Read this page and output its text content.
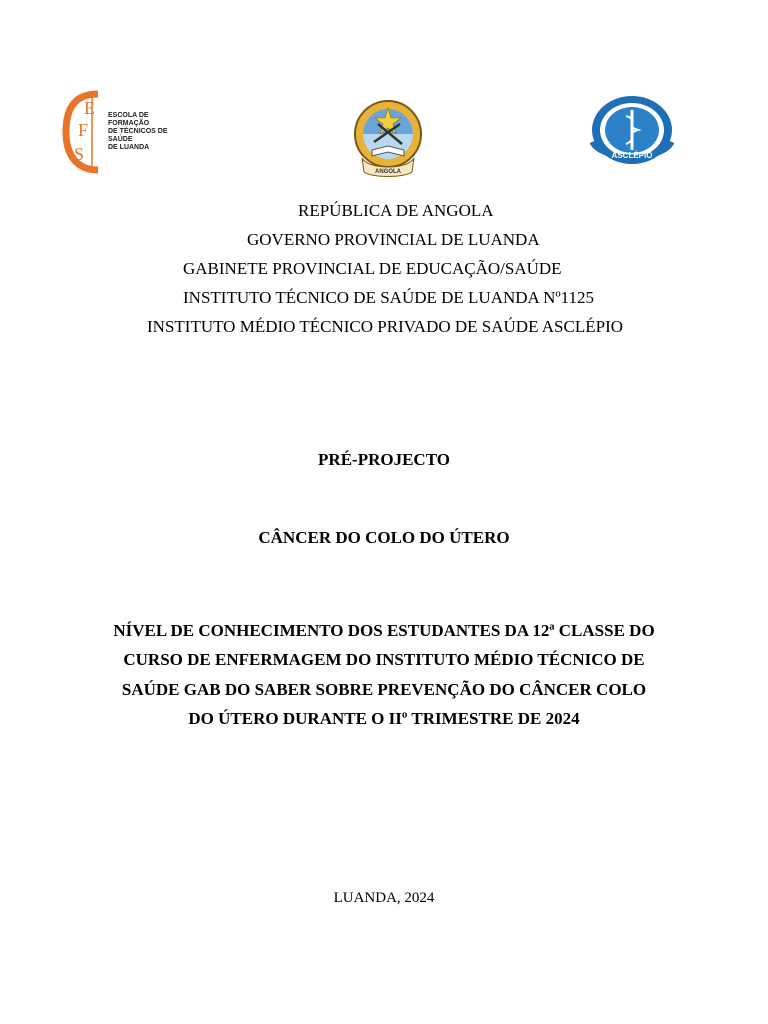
E
F
S
ESCOLA DE FORMAÇÃO
DE TÉCNICOS DE SAÚDE
DE LUANDA
ANGOLA
ASCLÉPIO
REPÚBLICA DE ANGOLA
GOVERNO PROVINCIAL DE LUANDA
GABINETE PROVINCIAL DE EDUCAÇÃO/SAÚDE
INSTITUTO TÉCNICO DE SAÚDE DE LUANDA Nº1125
INSTITUTO MÉDIO TÉCNICO PRIVADO DE SAÚDE ASCLÉPIO
PRÉ-PROJECTO
CÂNCER DO COLO DO ÚTERO
NÍVEL DE CONHECIMENTO DOS ESTUDANTES DA 12ª CLASSE DO
CURSO DE ENFERMAGEM DO INSTITUTO MÉDIO TÉCNICO DE
SAÚDE GAB DO SABER SOBRE PREVENÇÃO DO CÂNCER COLO
DO ÚTERO DURANTE O IIº TRIMESTRE DE 2024
LUANDA, 2024
